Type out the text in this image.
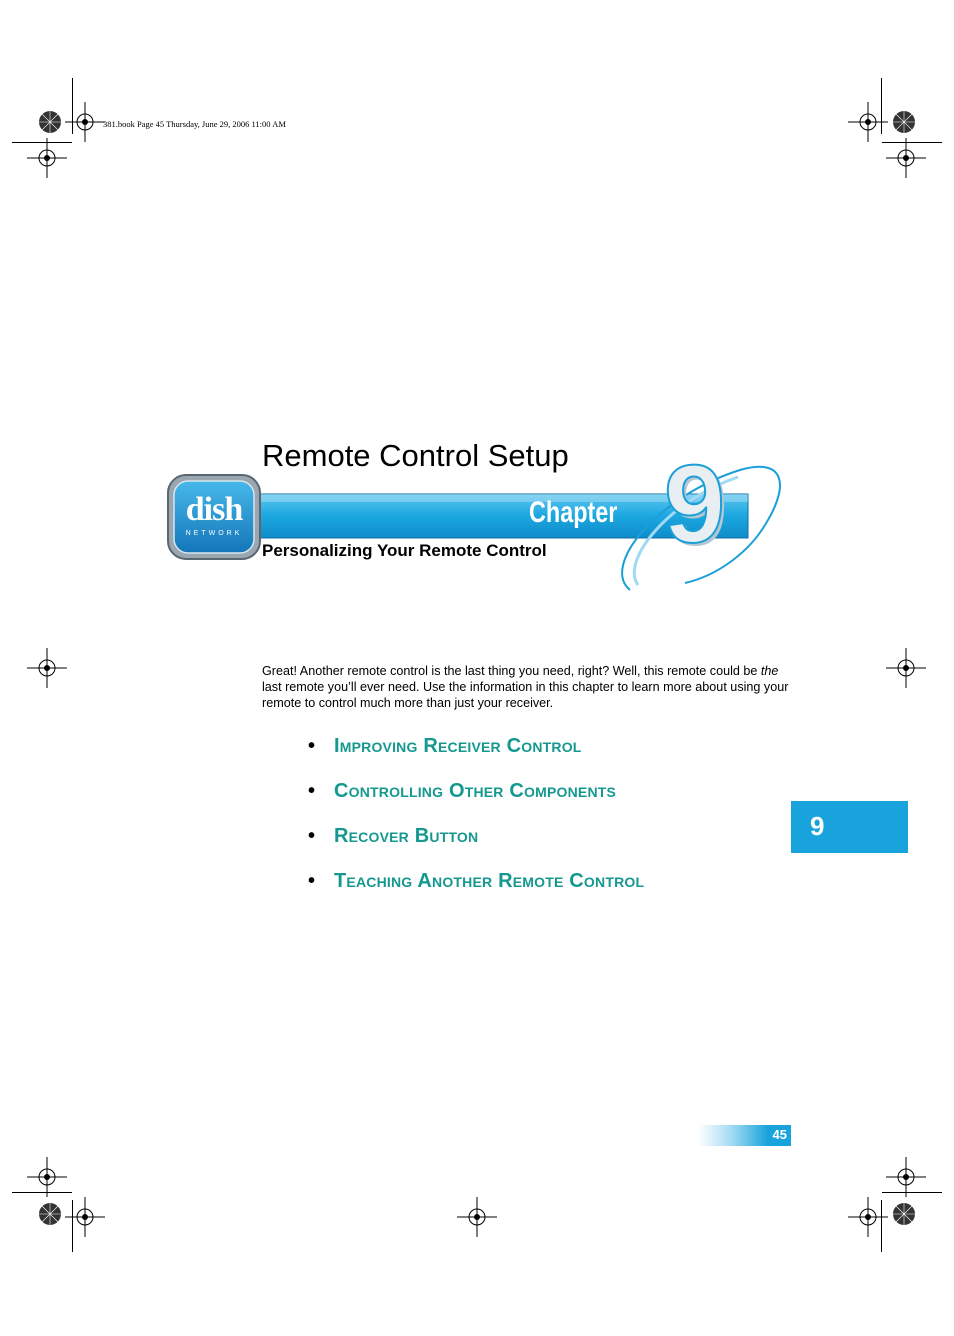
381.book Page 45 Thursday, June 29, 2006 11:00 AM
Remote Control Setup
dish
NETWORK
Chapter 9
Personalizing Your Remote Control
Great! Another remote control is the last thing you need, right? Well, this remote could be the last remote you’ll ever need. Use the information in this chapter to learn more about using your remote to control much more than just your receiver.
• Improving Receiver Control
• Controlling Other Components
• Recover Button
• Teaching Another Remote Control
9
45
